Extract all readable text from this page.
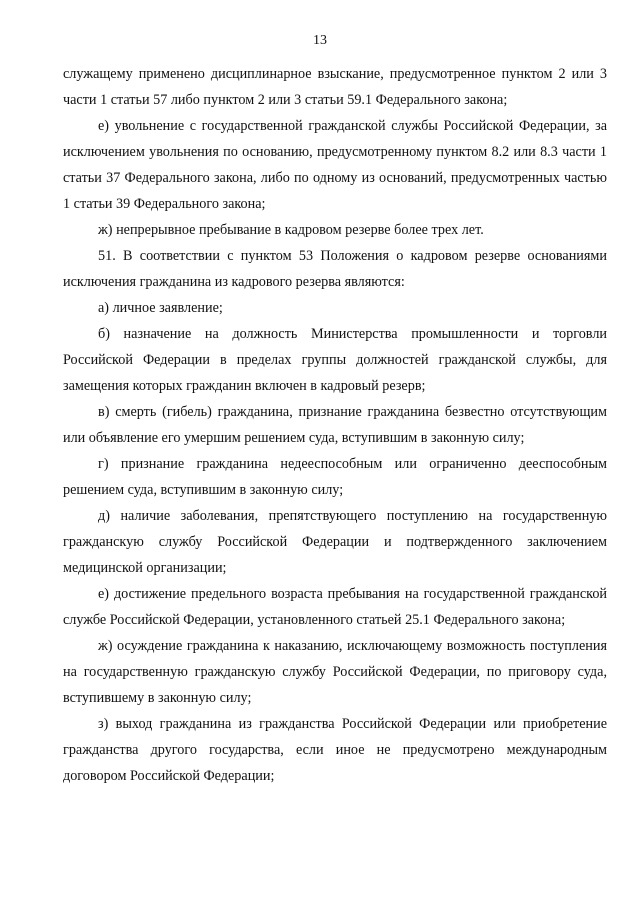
13

служащему применено дисциплинарное взыскание, предусмотренное пунктом 2 или 3 части 1 статьи 57 либо пунктом 2 или 3 статьи 59.1 Федерального закона;

е) увольнение с государственной гражданской службы Российской Федерации, за исключением увольнения по основанию, предусмотренному пунктом 8.2 или 8.3 части 1 статьи 37 Федерального закона, либо по одному из оснований, предусмотренных частью 1 статьи 39 Федерального закона;

ж) непрерывное пребывание в кадровом резерве более трех лет.

51. В соответствии с пунктом 53 Положения о кадровом резерве основаниями исключения гражданина из кадрового резерва являются:

а) личное заявление;

б) назначение на должность Министерства промышленности и торговли Российской Федерации в пределах группы должностей гражданской службы, для замещения которых гражданин включен в кадровый резерв;

в) смерть (гибель) гражданина, признание гражданина безвестно отсутствующим или объявление его умершим решением суда, вступившим в законную силу;

г) признание гражданина недееспособным или ограниченно дееспособным решением суда, вступившим в законную силу;

д) наличие заболевания, препятствующего поступлению на государственную гражданскую службу Российской Федерации и подтвержденного заключением медицинской организации;

е) достижение предельного возраста пребывания на государственной гражданской службе Российской Федерации, установленного статьей 25.1 Федерального закона;

ж) осуждение гражданина к наказанию, исключающему возможность поступления на государственную гражданскую службу Российской Федерации, по приговору суда, вступившему в законную силу;

з) выход гражданина из гражданства Российской Федерации или приобретение гражданства другого государства, если иное не предусмотрено международным договором Российской Федерации;
